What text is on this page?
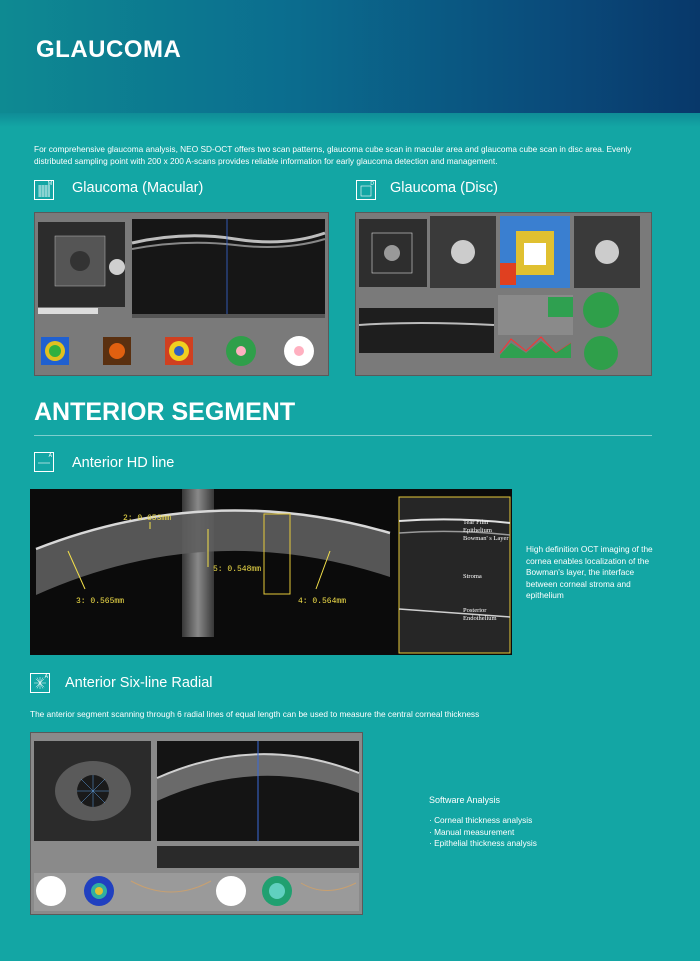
GLAUCOMA

For comprehensive glaucoma analysis, NEO SD-OCT offers two scan patterns, glaucoma cube scan in macular area and glaucoma cube scan in disc area. Evenly distributed sampling point with 200 x 200 A-scans provides reliable information for early glaucoma detection and management.

M Glaucoma (Macular)	D Glaucoma (Disc)
ANTERIOR SEGMENT
A Anterior HD line
2: 0.653mm
5: 0.548mm
3: 0.565mm	4: 0.564mm
Tear Film
Epithelium
Bowman' s Layer
Stroma
Posterior
Endothelium
High definition OCT imaging of the cornea enables localization of the Bowman's layer, the interface between corneal stroma and epithelium
A Anterior Six-line Radial
The anterior segment scanning through 6 radial lines of equal length can be used to measure the central corneal thickness
Software Analysis
· Corneal thickness analysis
· Manual measurement
· Epithelial thickness analysis
